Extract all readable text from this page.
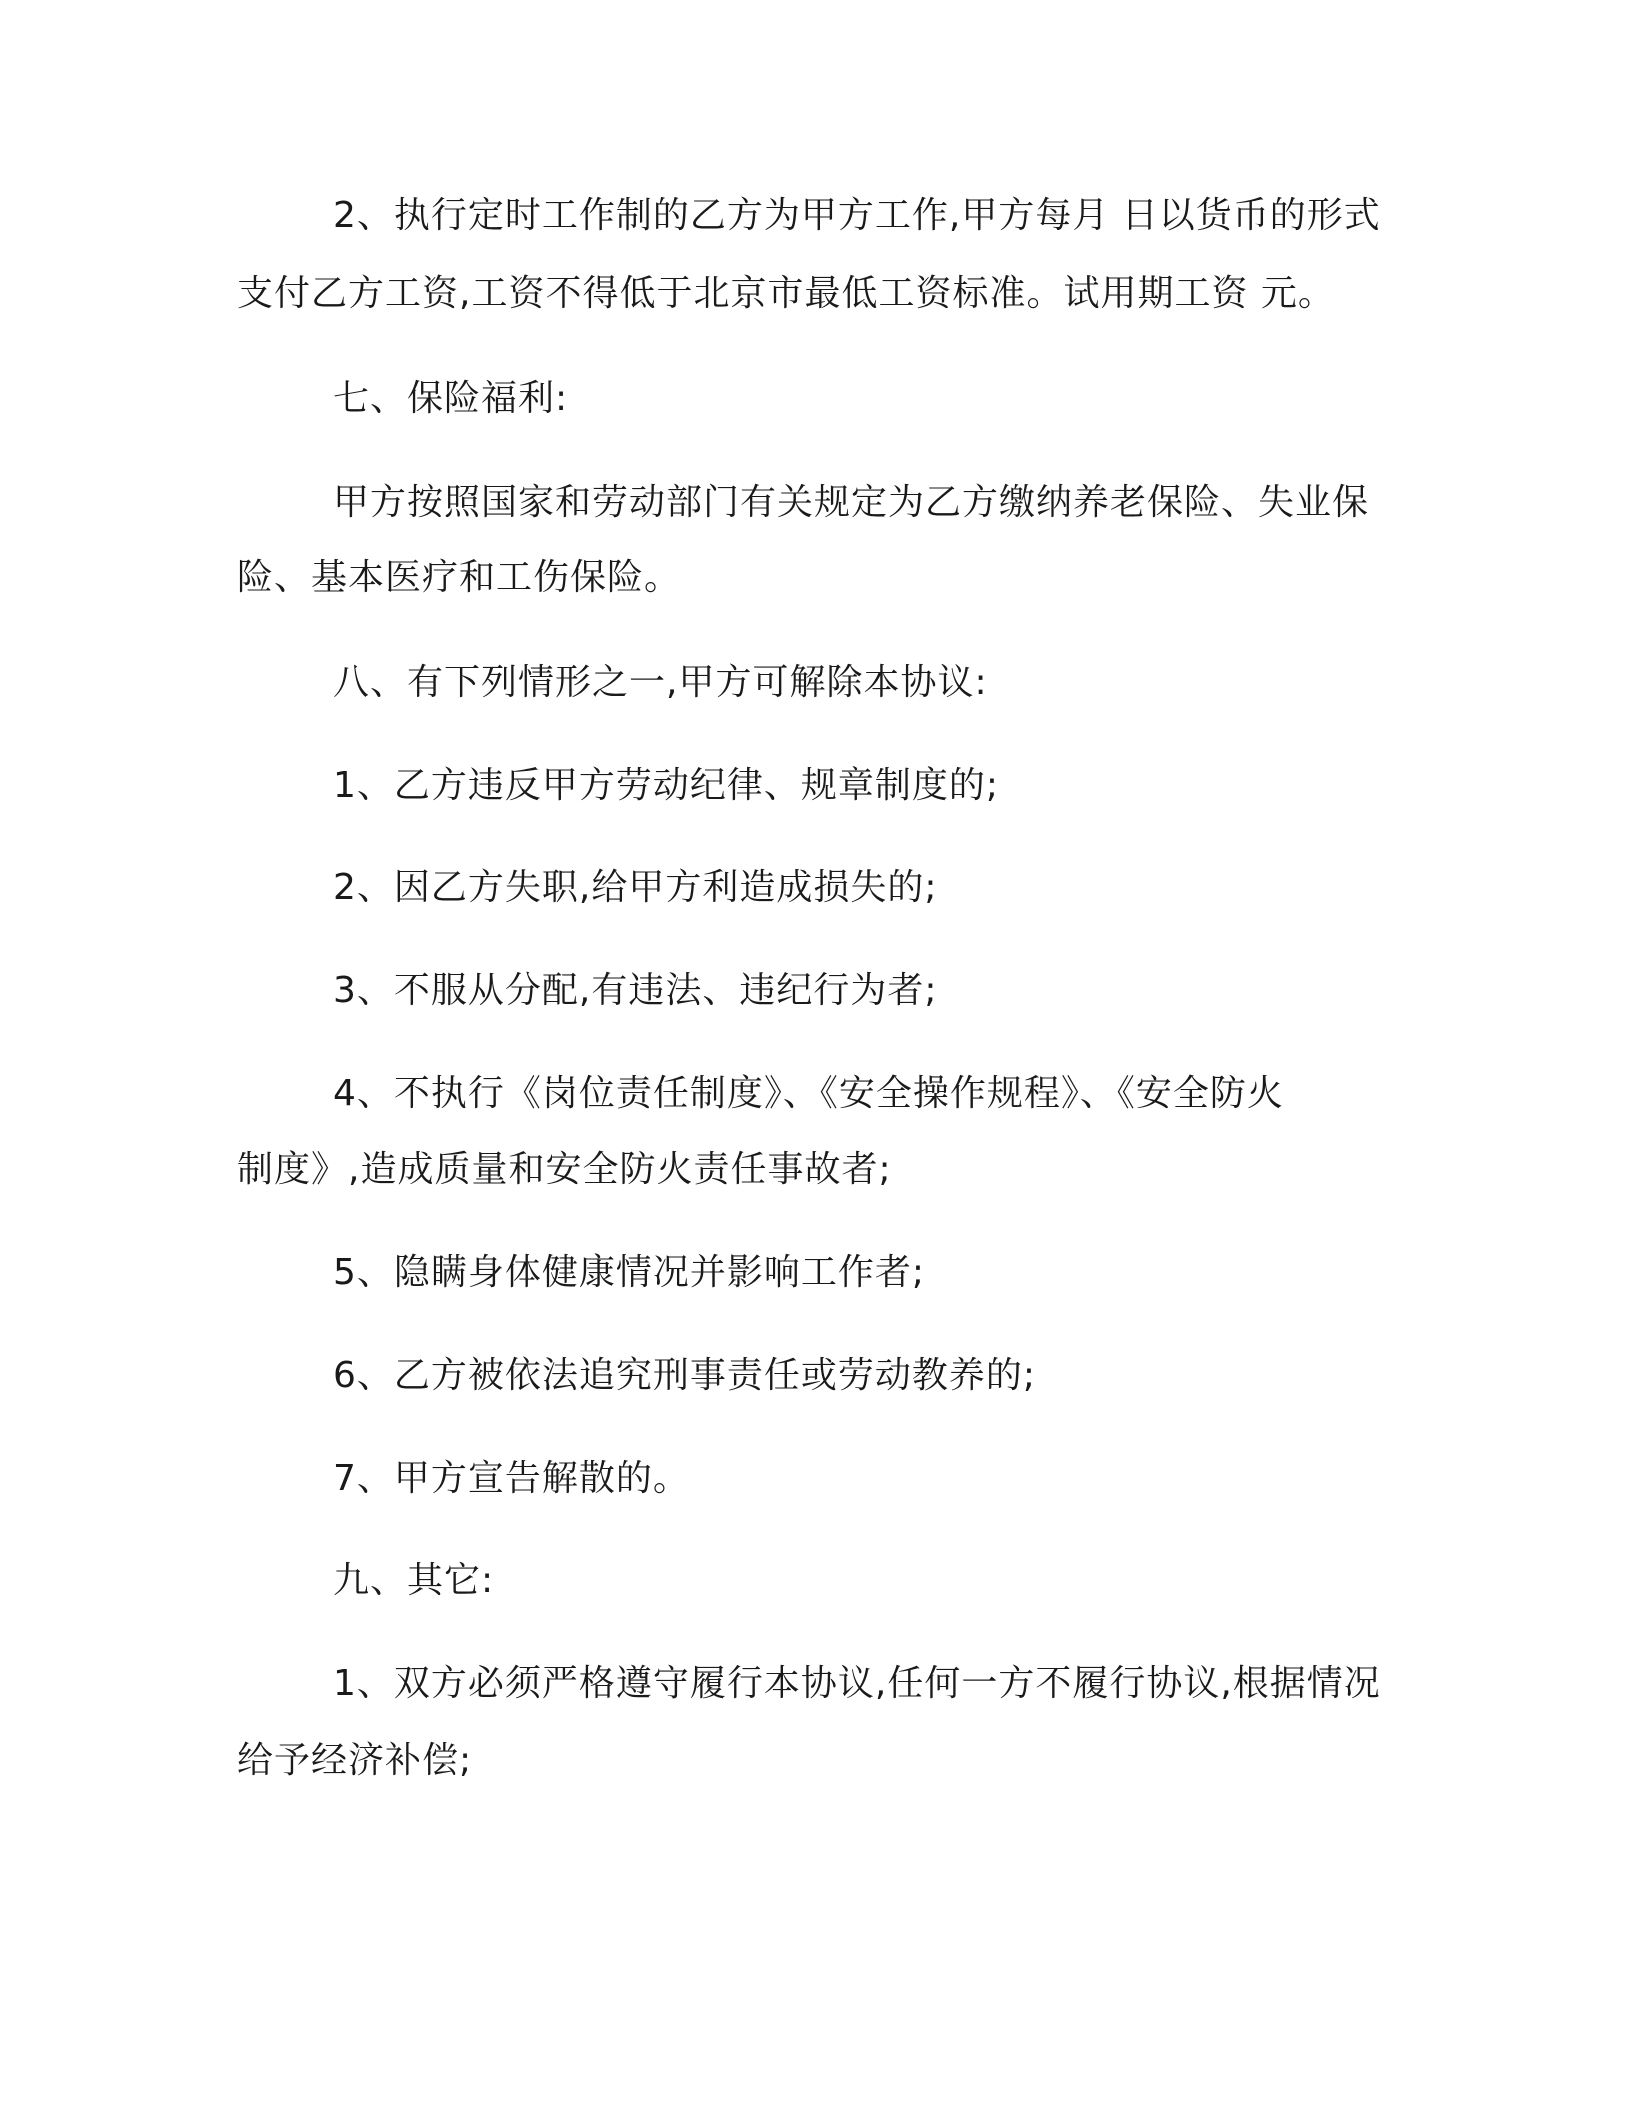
2、执行定时工作制的乙方为甲方工作,甲方每月 日以货币的形式

支付乙方工资,工资不得低于北京市最低工资标准。试用期工资 元。

七、保险福利:

甲方按照国家和劳动部门有关规定为乙方缴纳养老保险、失业保

险、基本医疗和工伤保险。

八、有下列情形之一,甲方可解除本协议:

1、乙方违反甲方劳动纪律、规章制度的;

2、因乙方失职,给甲方利造成损失的;

3、不服从分配,有违法、违纪行为者;

4、不执行《岗位责任制度》、《安全操作规程》、《安全防火

制度》,造成质量和安全防火责任事故者;

5、隐瞒身体健康情况并影响工作者;

6、乙方被依法追究刑事责任或劳动教养的;

7、甲方宣告解散的。

九、其它:

1、双方必须严格遵守履行本协议,任何一方不履行协议,根据情况

给予经济补偿;
